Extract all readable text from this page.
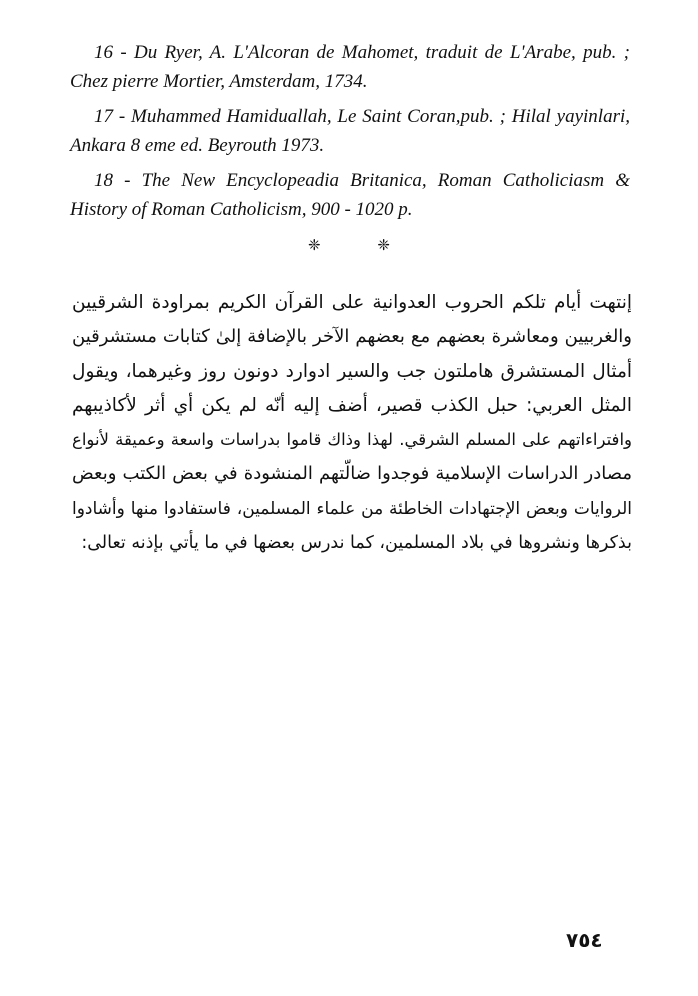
16 - Du Ryer, A. L'Alcoran de Mahomet, traduit de L'Arabe, pub. ; Chez pierre Mortier, Amsterdam, 1734.

17 - Muhammed Hamiduallah, Le Saint Coran,pub. ; Hilal yayinlari, Ankara 8 eme ed. Beyrouth 1973.

18 - The New Encyclopeadia Britanica, Roman Catholiciasm & History of Roman Catholicism, 900 - 1020 p.

❈ ❈
إنتهت أيام تلكم الحروب العدوانية على القرآن الكريم بمراودة الشرقيين
والغربيين ومعاشرة بعضهم مع بعضهم الآخر بالإضافة إلىٰ كتابات مستشرقين
أمثال المستشرق هاملتون جب والسير ادوارد دونون روز وغيرهما، ويقول
المثل العربي: حبل الكذب قصير، أضف إليه أنّه لم يكن أي أثر لأكاذيبهم
وافتراءاتهم على المسلم الشرقي. لهذا وذاك قاموا بدراسات واسعة وعميقة لأنواع
مصادر الدراسات الإسلامية فوجدوا ضالّتهم المنشودة في بعض الكتب وبعض
الروايات وبعض الإجتهادات الخاطئة من علماء المسلمين، فاستفادوا منها وأشادوا
بذكرها ونشروها في بلاد المسلمين، كما ندرس بعضها في ما يأتي بإذنه تعالى:
٧٥٤
